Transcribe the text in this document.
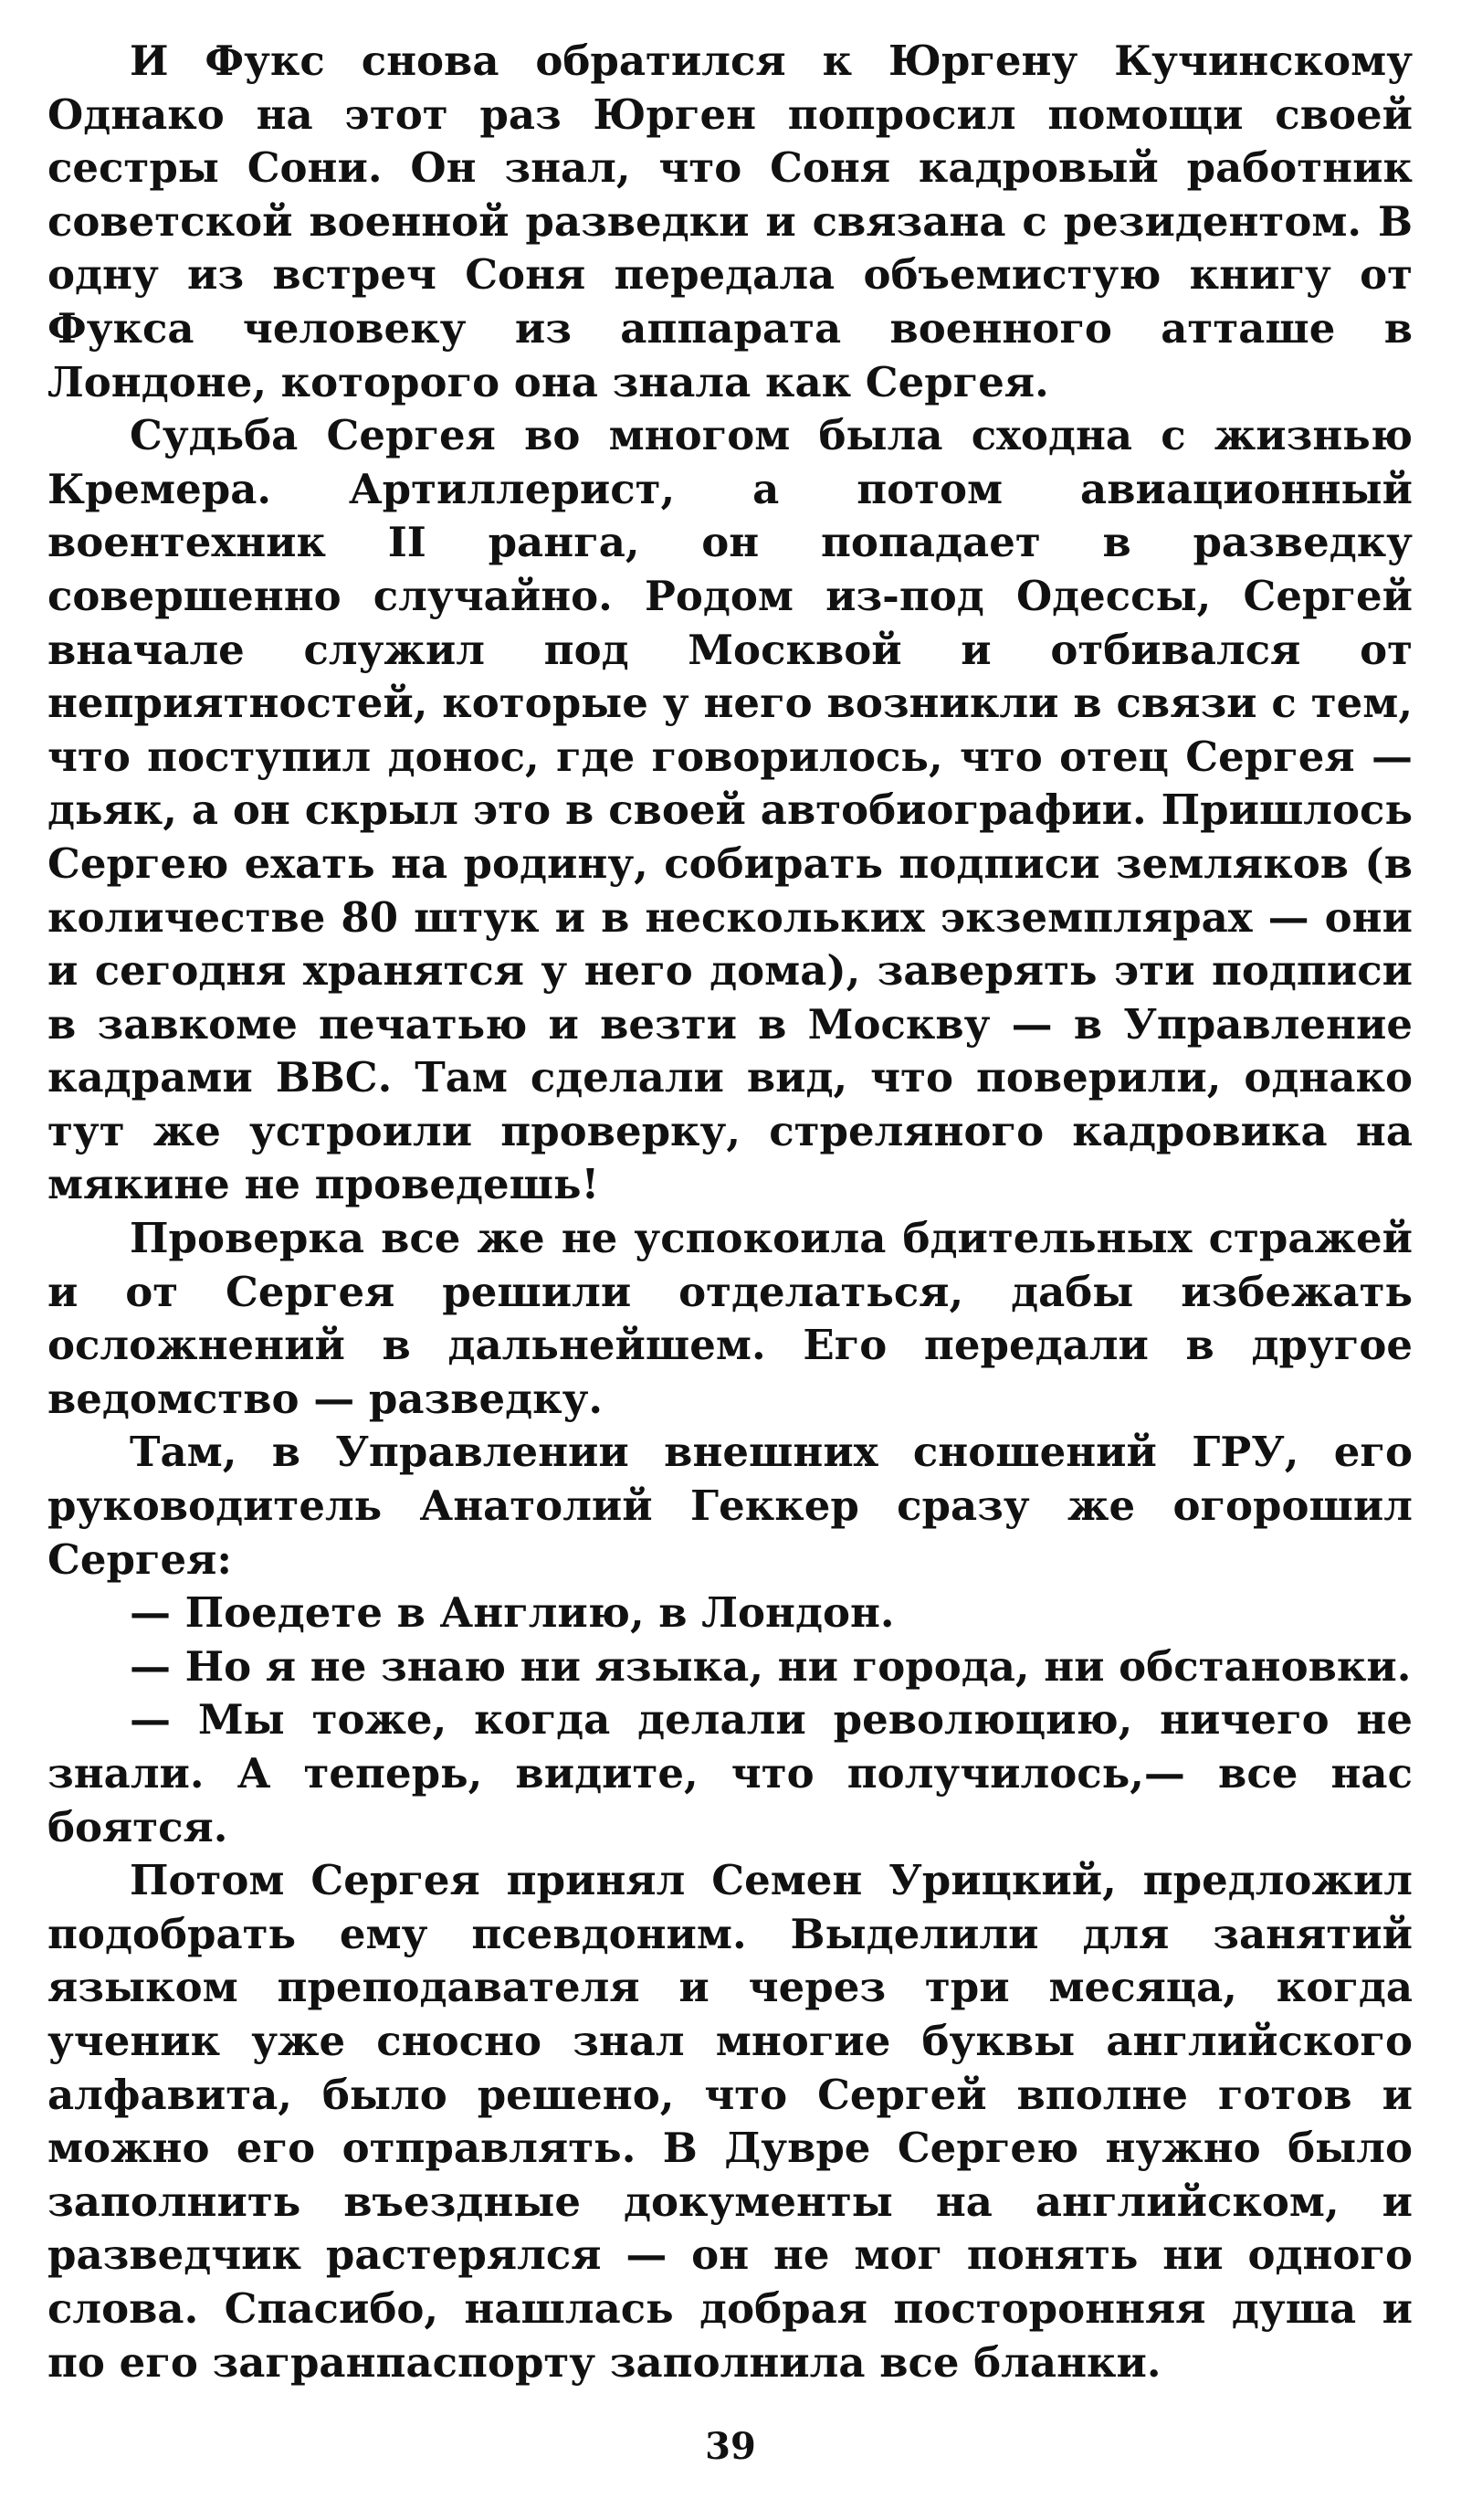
И Фукс снова обратился к Юргену Кучинскому Однако на этот раз Юрген попросил помощи своей сестры Сони. Он знал, что Соня кадровый работник советской военной разведки и связана с резидентом. В одну из встреч Соня передала объемистую книгу от Фукса человеку из аппарата военного атташе в Лондоне, которого она знала как Сергея.

Судьба Сергея во многом была сходна с жизнью Кремера. Артиллерист, а потом авиационный воентехник II ранга, он попадает в разведку совершенно случайно. Родом из-под Одессы, Сергей вначале служил под Москвой и отбивался от неприятностей, которые у него возникли в связи с тем, что поступил донос, где говорилось, что отец Сергея — дьяк, а он скрыл это в своей автобиографии. Пришлось Сергею ехать на родину, собирать подписи земляков (в количестве 80 штук и в нескольких экземплярах — они и сегодня хранятся у него дома), заверять эти подписи в завкоме печатью и везти в Москву — в Управление кадрами ВВС. Там сделали вид, что поверили, однако тут же устроили проверку, стреляного кадровика на мякине не проведешь!

Проверка все же не успокоила бдительных стражей и от Сергея решили отделаться, дабы избежать осложнений в дальнейшем. Его передали в другое ведомство — разведку.

Там, в Управлении внешних сношений ГРУ, его руководитель Анатолий Геккер сразу же огорошил Сергея:

— Поедете в Англию, в Лондон.

— Но я не знаю ни языка, ни города, ни обстановки.

— Мы тоже, когда делали революцию, ничего не знали. А теперь, видите, что получилось,— все нас боятся.

Потом Сергея принял Семен Урицкий, предложил подобрать ему псевдоним. Выделили для занятий языком преподавателя и через три месяца, когда ученик уже сносно знал многие буквы английского алфавита, было решено, что Сергей вполне готов и можно его отправлять. В Дувре Сергею нужно было заполнить въездные документы на английском, и разведчик растерялся — он не мог понять ни одного слова. Спасибо, нашлась добрая посторонняя душа и по его загранпаспорту заполнила все бланки.

39
